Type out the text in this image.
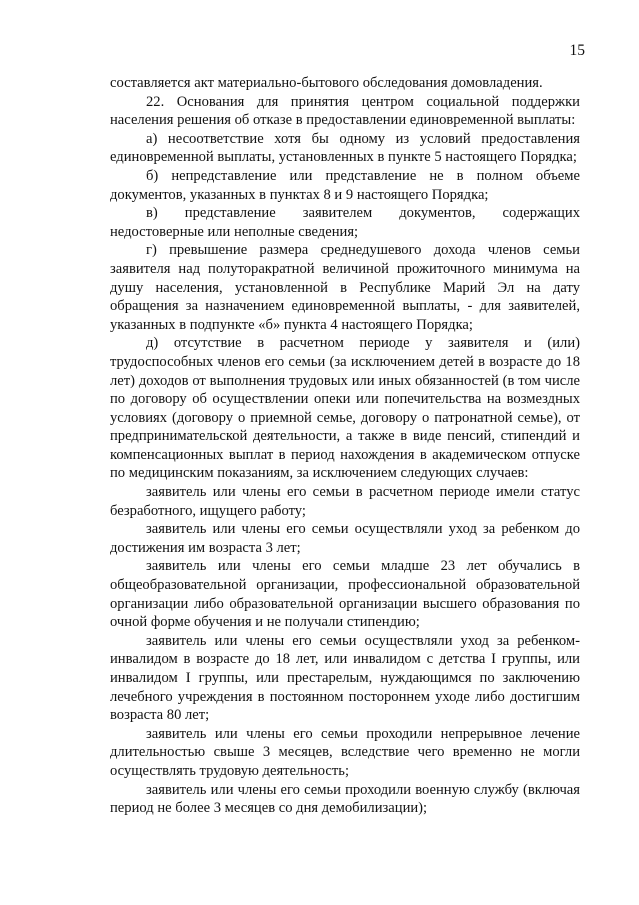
15

составляется акт материально-бытового обследования домовладения.

22. Основания для принятия центром социальной поддержки населения решения об отказе в предоставлении единовременной выплаты:

а) несоответствие хотя бы одному из условий предоставления единовременной выплаты, установленных в пункте 5 настоящего Порядка;

б) непредставление или представление не в полном объеме документов, указанных в пунктах 8 и 9 настоящего Порядка;

в) представление заявителем документов, содержащих недостоверные или неполные сведения;

г) превышение размера среднедушевого дохода членов семьи заявителя над полуторакратной величиной прожиточного минимума на душу населения, установленной в Республике Марий Эл на дату обращения за назначением единовременной выплаты, - для заявителей, указанных в подпункте «б» пункта 4 настоящего Порядка;

д) отсутствие в расчетном периоде у заявителя и (или) трудоспособных членов его семьи (за исключением детей в возрасте до 18 лет) доходов от выполнения трудовых или иных обязанностей (в том числе по договору об осуществлении опеки или попечительства на возмездных условиях (договору о приемной семье, договору о патронатной семье), от предпринимательской деятельности, а также в виде пенсий, стипендий и компенсационных выплат в период нахождения в академическом отпуске по медицинским показаниям, за исключением следующих случаев:

заявитель или члены его семьи в расчетном периоде имели статус безработного, ищущего работу;

заявитель или члены его семьи осуществляли уход за ребенком до достижения им возраста 3 лет;

заявитель или члены его семьи младше 23 лет обучались в общеобразовательной организации, профессиональной образовательной организации либо образовательной организации высшего образования по очной форме обучения и не получали стипендию;

заявитель или члены его семьи осуществляли уход за ребенком-инвалидом в возрасте до 18 лет, или инвалидом с детства I группы, или инвалидом I группы, или престарелым, нуждающимся по заключению лечебного учреждения в постоянном постороннем уходе либо достигшим возраста 80 лет;

заявитель или члены его семьи проходили непрерывное лечение длительностью свыше 3 месяцев, вследствие чего временно не могли осуществлять трудовую деятельность;

заявитель или члены его семьи проходили военную службу (включая период не более 3 месяцев со дня демобилизации);
